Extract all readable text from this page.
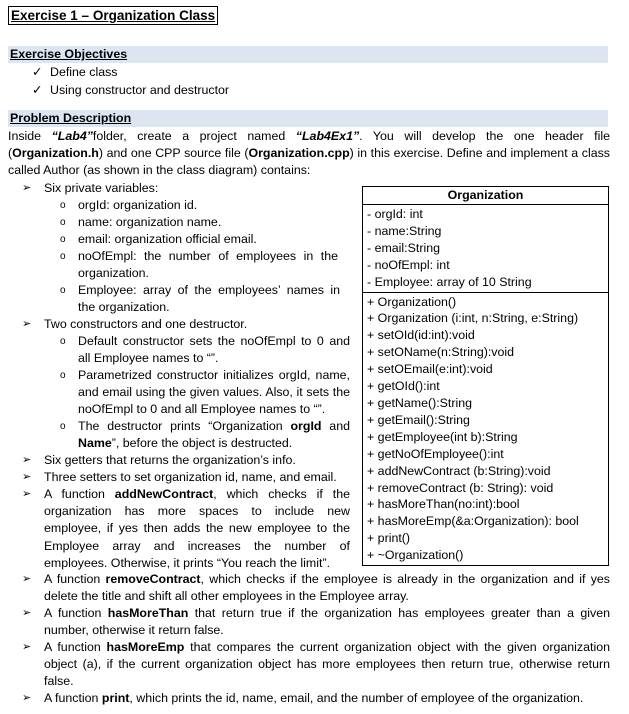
Exercise 1 – Organization Class
Exercise Objectives
✓ Define class
✓ Using constructor and destructor
Problem Description
Inside “Lab4”folder, create a project named “Lab4Ex1”. You will develop the one header file (Organization.h) and one CPP source file (Organization.cpp) in this exercise. Define and implement a class called Author (as shown in the class diagram) contains:
➢ Six private variables:
o orgId: organization id.
o name: organization name.
o email: organization official email.
o noOfEmpl: the number of employees in the organization.
o Employee: array of the employees’ names in the organization.
➢ Two constructors and one destructor.
o Default constructor sets the noOfEmpl to 0 and all Employee names to “”.
o Parametrized constructor initializes orgId, name, and email using the given values. Also, it sets the noOfEmpl to 0 and all Employee names to “”.
o The destructor prints “Organization orgId and Name”, before the object is destructed.
➢ Six getters that returns the organization’s info.
➢ Three setters to set organization id, name, and email.
➢ A function addNewContract, which checks if the organization has more spaces to include new employee, if yes then adds the new employee to the Employee array and increases the number of employees. Otherwise, it prints “You reach the limit”.
➢ A function removeContract, which checks if the employee is already in the organization and if yes delete the title and shift all other employees in the Employee array.
➢ A function hasMoreThan that return true if the organization has employees greater than a given number, otherwise it return false.
➢ A function hasMoreEmp that compares the current organization object with the given organization object (a), if the current organization object has more employees then return true, otherwise return false.
➢ A function print, which prints the id, name, email, and the number of employee of the organization.
Organization
- orgId: int
- name:String
- email:String
- noOfEmpl: int
- Employee: array of 10 String
+ Organization()
+ Organization (i:int, n:String, e:String)
+ setOId(id:int):void
+ setOName(n:String):void
+ setOEmail(e:int):void
+ getOId():int
+ getName():String
+ getEmail():String
+ getEmployee(int b):String
+ getNoOfEmployee():int
+ addNewContract (b:String):void
+ removeContract (b: String): void
+ hasMoreThan(no:int):bool
+ hasMoreEmp(&a:Organization): bool
+ print()
+ ~Organization()
